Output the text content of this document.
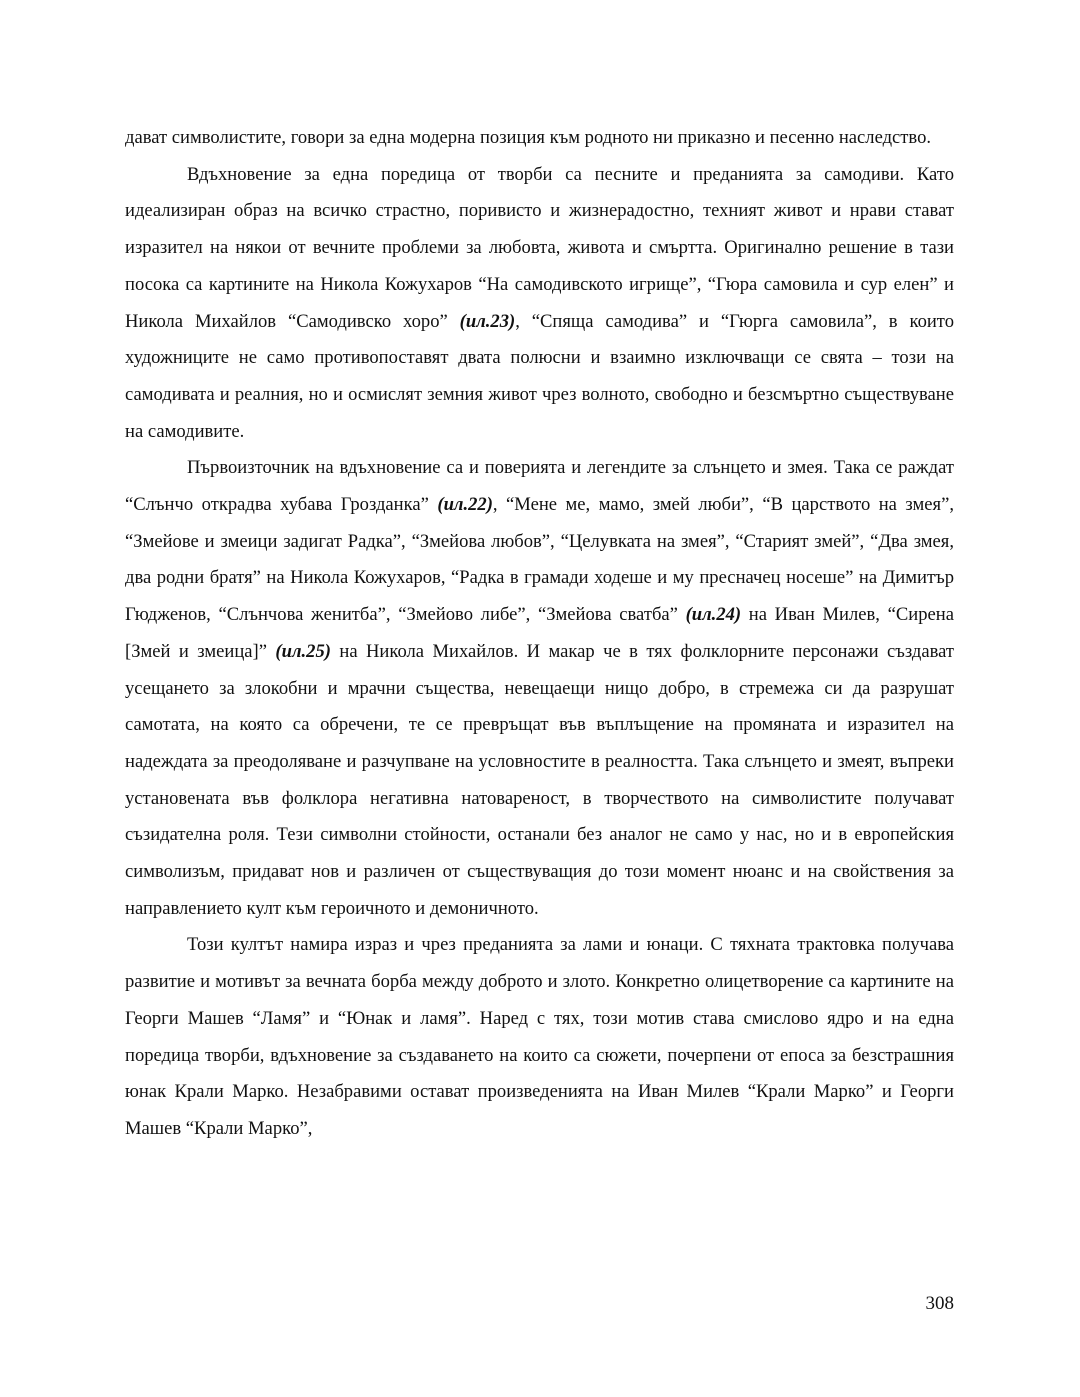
дават символистите, говори за една модерна позиция към родното ни приказно и песенно наследство.

Вдъхновение за една поредица от творби са песните и преданията за самодиви. Като идеализиран образ на всичко страстно, поривисто и жизнерадостно, техният живот и нрави стават изразител на някои от вечните проблеми за любовта, живота и смъртта. Оригинално решение в тази посока са картините на Никола Кожухаров “На самодивското игрище”, “Гюра самовила и сур елен” и Никола Михайлов “Самодивско хоро” (ил.23), “Спяща самодива” и “Гюрга самовила”, в които художниците не само противопоставят двата полюсни и взаимно изключващи се свята – този на самодивата и реалния, но и осмислят земния живот чрез волното, свободно и безсмъртно съществуване на самодивите.

Първоизточник на вдъхновение са и поверията и легендите за слънцето и змея. Така се раждат “Слънчо открадва хубава Грозданка” (ил.22), “Мене ме, мамо, змей люби”, “В царството на змея”, “Змейове и змеици задигат Радка”, “Змейова любов”, “Целувката на змея”, “Старият змей”, “Два змея, два родни братя” на Никола Кожухаров, “Радка в грамади ходеше и му пресначец носеше” на Димитър Гюдженов, “Слънчова женитба”, “Змейово либе”, “Змейова сватба” (ил.24) на Иван Милев, “Сирена [Змей и змеица]” (ил.25) на Никола Михайлов. И макар че в тях фолклорните персонажи създават усещането за злокобни и мрачни същества, невещаещи нищо добро, в стремежа си да разрушат самотата, на която са обречени, те се превръщат във въплъщение на промяната и изразител на надеждата за преодоляване и разчупване на условностите в реалността. Така слънцето и змеят, въпреки установената във фолклора негативна натовареност, в творчеството на символистите получават съзидателна роля. Тези символни стойности, останали без аналог не само у нас, но и в европейския символизъм, придават нов и различен от съществуващия до този момент нюанс и на свойствения за направлението култ към героичното и демоничното.

Този култът намира израз и чрез преданията за лами и юнаци. С тяхната трактовка получава развитие и мотивът за вечната борба между доброто и злото. Конкретно олицетворение са картините на Георги Машев “Ламя” и “Юнак и ламя”. Наред с тях, този мотив става смислово ядро и на една поредица творби, вдъхновение за създаването на които са сюжети, почерпени от епоса за безстрашния юнак Крали Марко. Незабравими остават произведенията на Иван Милев “Крали Марко” и Георги Машев “Крали Марко”,

308
